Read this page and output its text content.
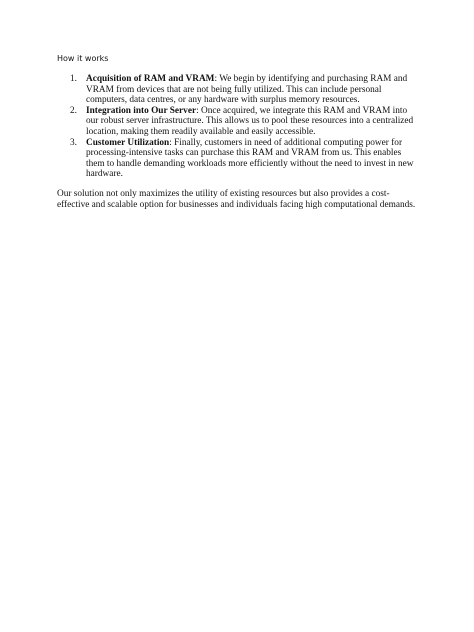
How it works
1. Acquisition of RAM and VRAM: We begin by identifying and purchasing RAM and VRAM from devices that are not being fully utilized. This can include personal computers, data centres, or any hardware with surplus memory resources.
2. Integration into Our Server: Once acquired, we integrate this RAM and VRAM into our robust server infrastructure. This allows us to pool these resources into a centralized location, making them readily available and easily accessible.
3. Customer Utilization: Finally, customers in need of additional computing power for processing-intensive tasks can purchase this RAM and VRAM from us. This enables them to handle demanding workloads more efficiently without the need to invest in new hardware.

Our solution not only maximizes the utility of existing resources but also provides a cost-effective and scalable option for businesses and individuals facing high computational demands.
